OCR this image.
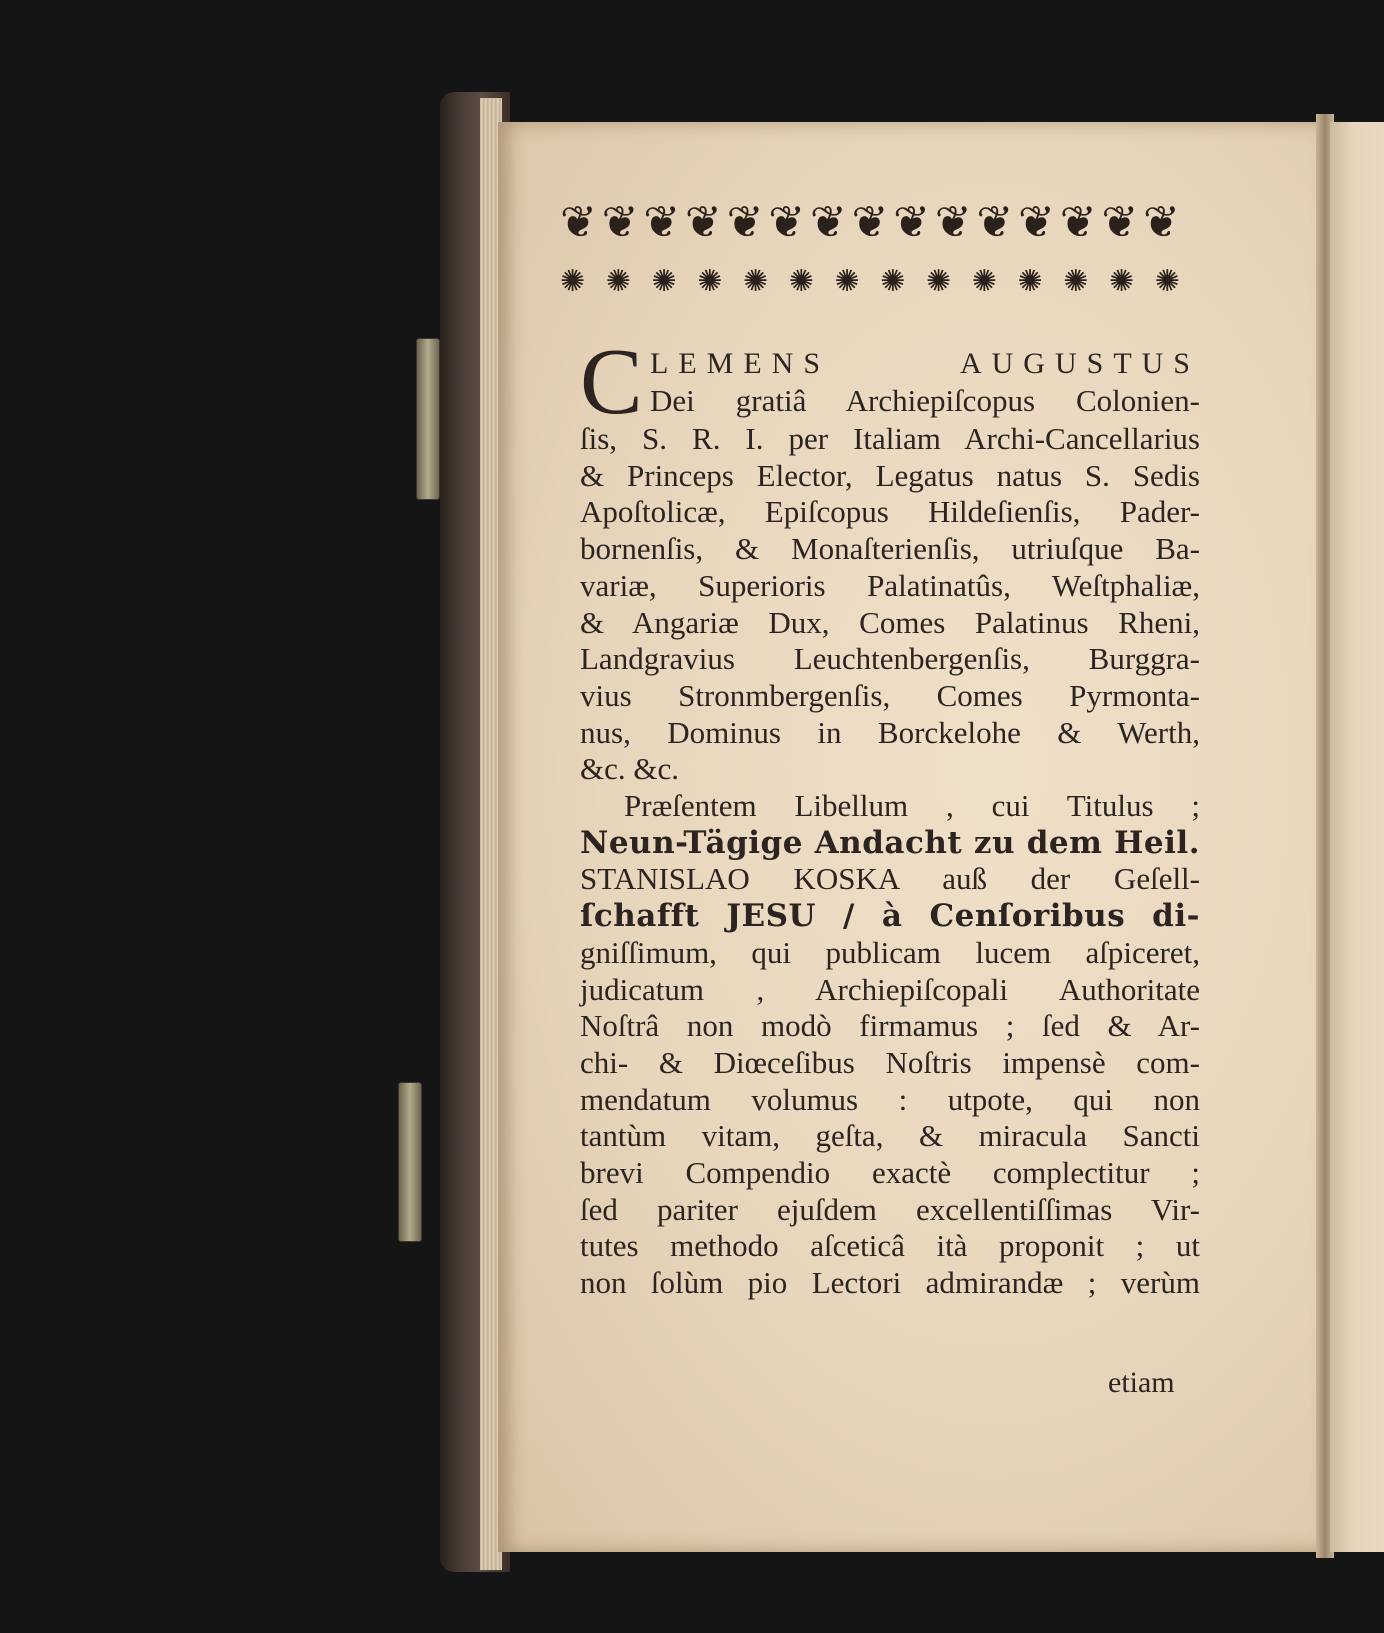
❦ ❦ ❦ ❦ ❦ ❦ ❦ ❦ ❦ ❦ ❦ ❦ ❦ ❦ ❦
✺ ✺ ✺ ✺ ✺ ✺ ✺ ✺ ✺ ✺ ✺ ✺ ✺ ✺
C LEMENS	AUGUSTUS
Dei gratiâ Archiepiſcopus Colonien-
ſis, S. R. I. per Italiam Archi-Cancellarius
& Princeps Elector, Legatus natus S. Sedis
Apoſtolicæ, Epiſcopus Hildeſienſis, Pader-
bornenſis, & Monaſterienſis, utriuſque Ba-
variæ, Superioris Palatinatûs, Weſtphaliæ,
& Angariæ Dux, Comes Palatinus Rheni,
Landgravius Leuchtenbergenſis, Burggra-
vius Stronmbergenſis, Comes Pyrmonta-
nus, Dominus in Borckelohe & Werth,
&c. &c.
Præſentem Libellum , cui Titulus ;
Neun-Tägige Andacht zu dem Heil.
STANISLAO KOSKA auß der Geſell-
ſchafft JESU / à Cenſoribus di-
gniſſimum, qui publicam lucem aſpiceret,
judicatum , Archiepiſcopali Authoritate
Noſtrâ non modò firmamus ; ſed & Ar-
chi- & Diœceſibus Noſtris impensè com-
mendatum volumus : utpote, qui non
tantùm vitam, geſta, & miracula Sancti
brevi Compendio exactè complectitur ;
ſed pariter ejuſdem excellentiſſimas Vir-
tutes methodo aſceticâ ità proponit ; ut
non ſolùm pio Lectori admirandæ ; verùm
etiam
